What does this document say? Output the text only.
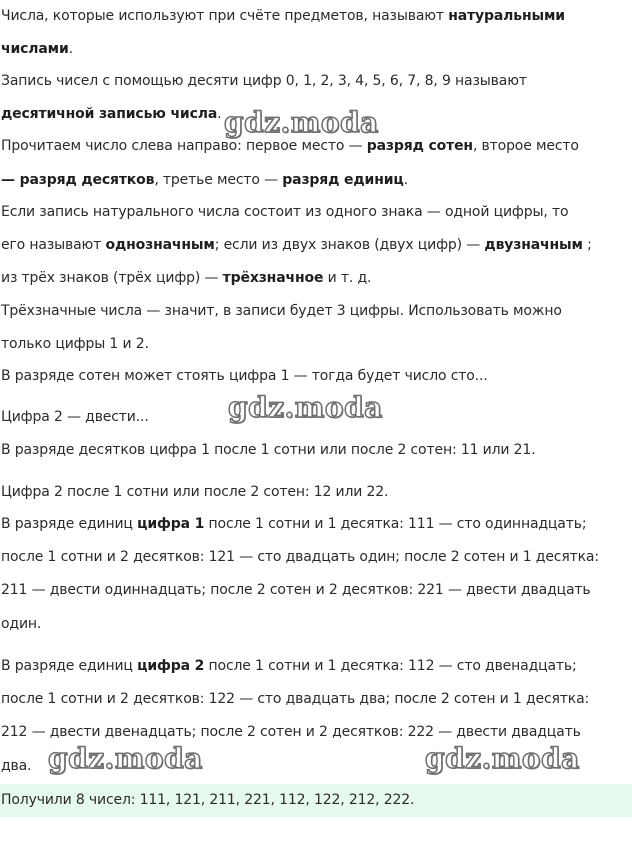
Числа, которые используют при счёте предметов, называют натуральными
числами.
Запись чисел с помощью десяти цифр 0, 1, 2, 3, 4, 5, 6, 7, 8, 9 называют
десятичной записью числа.
Прочитаем число слева направо: первое место — разряд сотен, второе место
— разряд десятков, третье место — разряд единиц.
Если запись натурального числа состоит из одного знака — одной цифры, то
его называют однозначным; если из двух знаков (двух цифр) — двузначным ;
из трёх знаков (трёх цифр) — трёхзначное и т. д.
Трёхзначные числа — значит, в записи будет 3 цифры. Использовать можно
только цифры 1 и 2.
В разряде сотен может стоять цифра 1 — тогда будет число сто...
Цифра 2 — двести...
В разряде десятков цифра 1 после 1 сотни или после 2 сотен: 11 или 21.
Цифра 2 после 1 сотни или после 2 сотен: 12 или 22.
В разряде единиц цифра 1 после 1 сотни и 1 десятка: 111 — сто одиннадцать;
после 1 сотни и 2 десятков: 121 — сто двадцать один; после 2 сотен и 1 десятка:
211 — двести одиннадцать; после 2 сотен и 2 десятков: 221 — двести двадцать
один.
В разряде единиц цифра 2 после 1 сотни и 1 десятка: 112 — сто двенадцать;
после 1 сотни и 2 десятков: 122 — сто двадцать два; после 2 сотен и 1 десятка:
212 — двести двенадцать; после 2 сотен и 2 десятков: 222 — двести двадцать
два.
Получили 8 чисел: 111, 121, 211, 221, 112, 122, 212, 222.
gdz.moda
gdz.moda
gdz.moda	gdz.moda
